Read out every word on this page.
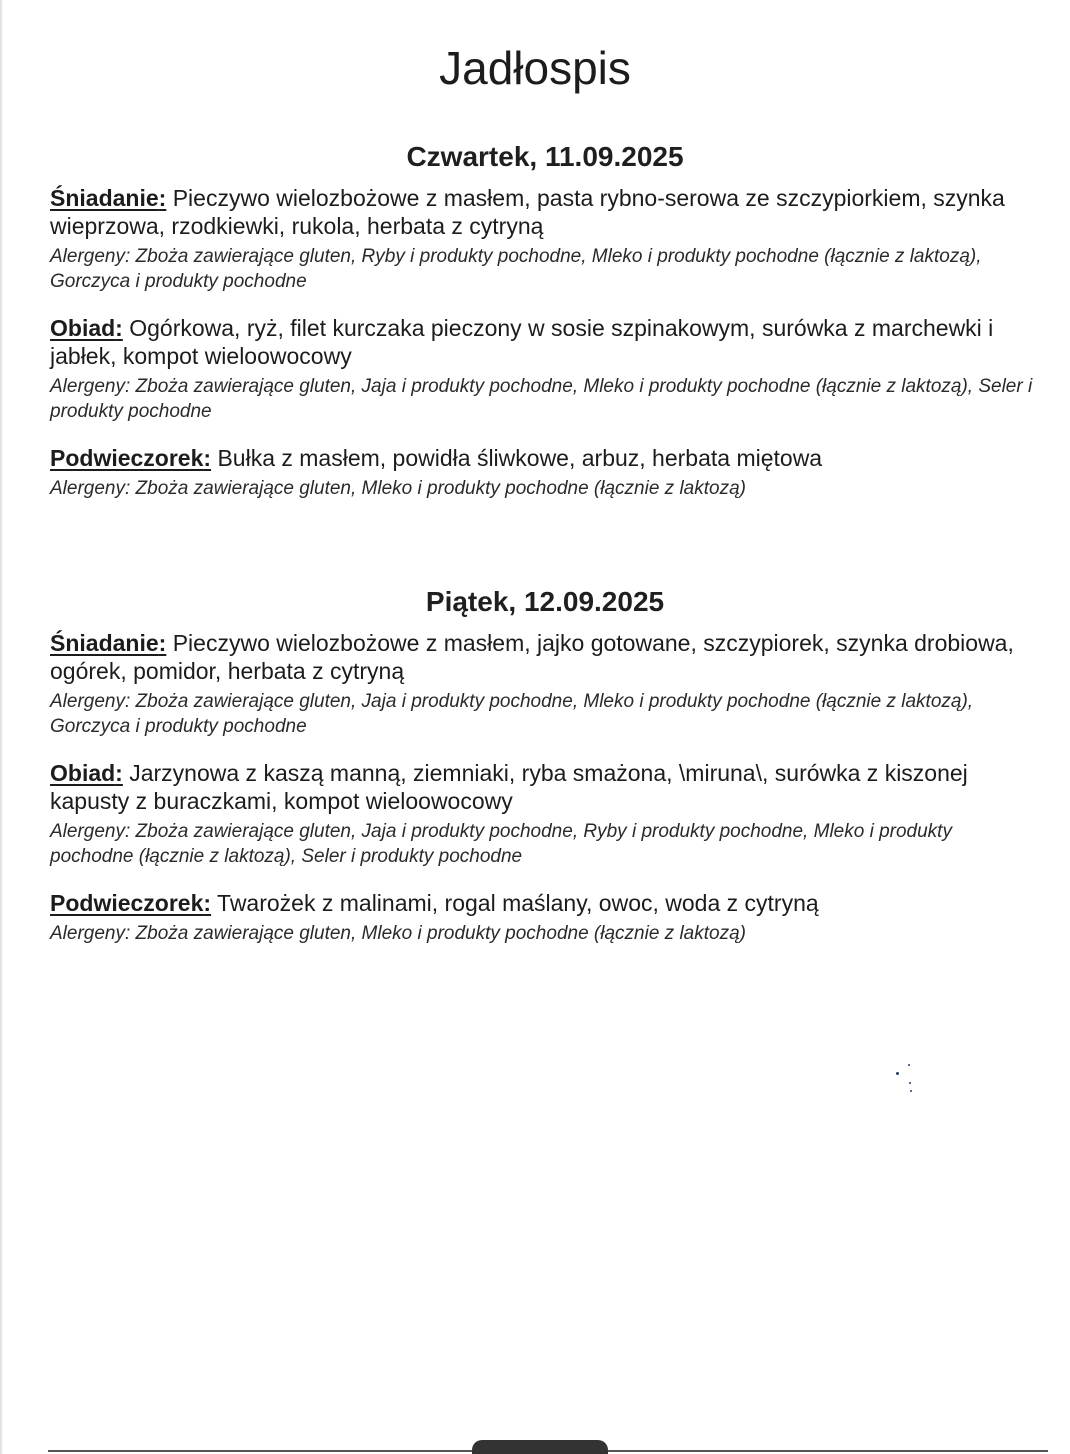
Jadłospis
Czwartek, 11.09.2025

Śniadanie: Pieczywo wielozbożowe z masłem, pasta rybno-serowa ze szczypiorkiem, szynka wieprzowa, rzodkiewki, rukola, herbata z cytryną

Alergeny: Zboża zawierające gluten, Ryby i produkty pochodne, Mleko i produkty pochodne (łącznie z laktozą), Gorczyca i produkty pochodne

Obiad: Ogórkowa, ryż, filet kurczaka pieczony w sosie szpinakowym, surówka z marchewki i jabłek, kompot wieloowocowy

Alergeny: Zboża zawierające gluten, Jaja i produkty pochodne, Mleko i produkty pochodne (łącznie z laktozą), Seler i produkty pochodne

Podwieczorek: Bułka z masłem, powidła śliwkowe, arbuz, herbata miętowa

Alergeny: Zboża zawierające gluten, Mleko i produkty pochodne (łącznie z laktozą)

Piątek, 12.09.2025

Śniadanie: Pieczywo wielozbożowe z masłem, jajko gotowane, szczypiorek, szynka drobiowa, ogórek, pomidor, herbata z cytryną

Alergeny: Zboża zawierające gluten, Jaja i produkty pochodne, Mleko i produkty pochodne (łącznie z laktozą), Gorczyca i produkty pochodne

Obiad: Jarzynowa z kaszą manną, ziemniaki, ryba smażona, \miruna\, surówka z kiszonej kapusty z buraczkami, kompot wieloowocowy

Alergeny: Zboża zawierające gluten, Jaja i produkty pochodne, Ryby i produkty pochodne, Mleko i produkty pochodne (łącznie z laktozą), Seler i produkty pochodne

Podwieczorek: Twarożek z malinami, rogal maślany, owoc, woda z cytryną

Alergeny: Zboża zawierające gluten, Mleko i produkty pochodne (łącznie z laktozą)
